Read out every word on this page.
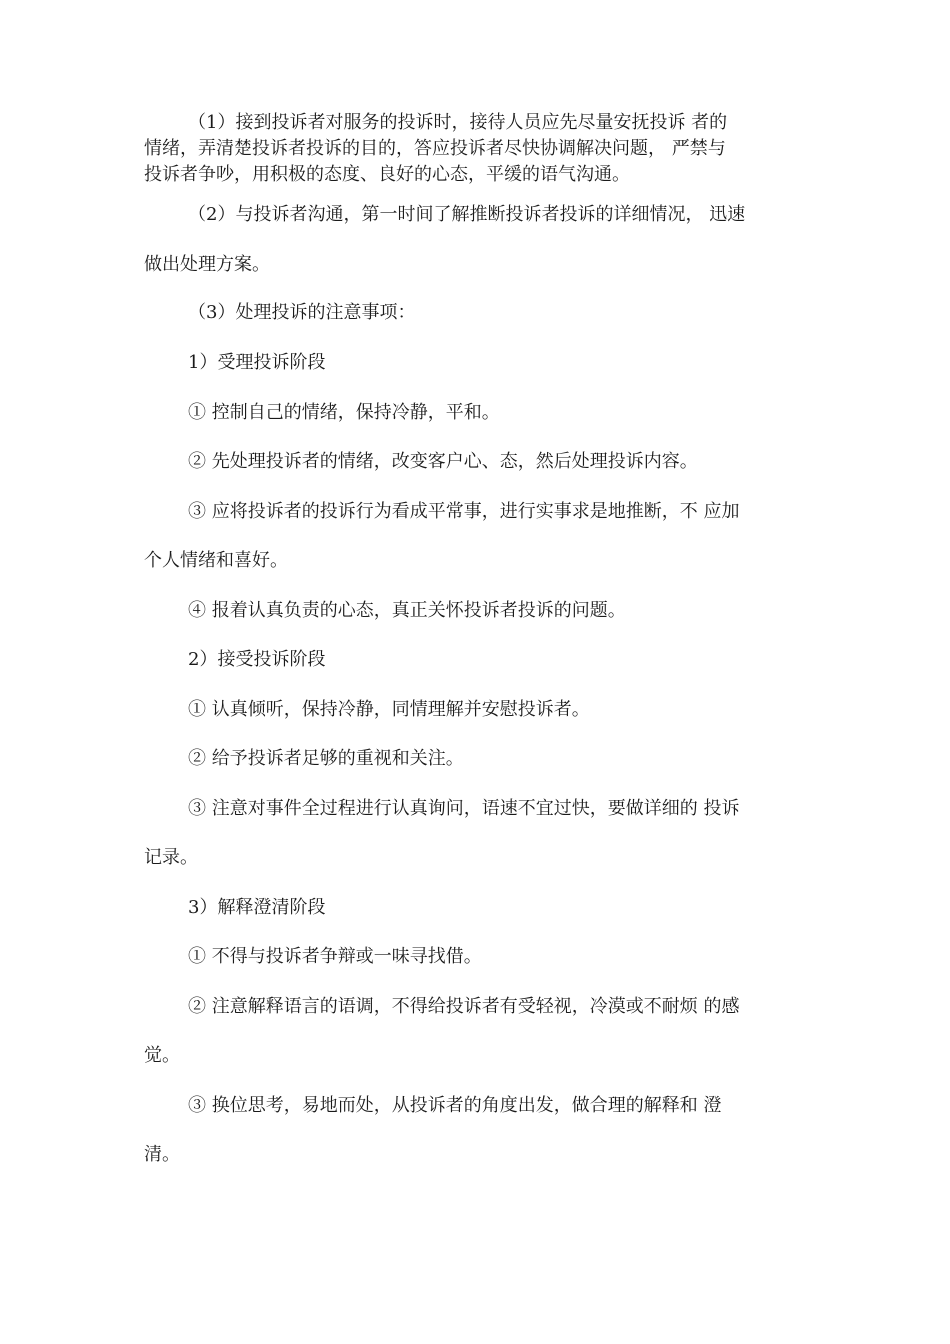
（1）接到投诉者对服务的投诉时，接待人员应先尽量安抚投诉 者的
情绪，弄清楚投诉者投诉的目的，答应投诉者尽快协调解决问题， 严禁与
投诉者争吵，用积极的态度、良好的心态，平缓的语气沟通。
（2）与投诉者沟通，第一时间了解推断投诉者投诉的详细情况， 迅速
做出处理方案。
（3）处理投诉的注意事项：
1）受理投诉阶段
① 控制自己的情绪，保持冷静，平和。
② 先处理投诉者的情绪，改变客户心、态，然后处理投诉内容。
③ 应将投诉者的投诉行为看成平常事，进行实事求是地推断，不 应加
个人情绪和喜好。
④ 报着认真负责的心态，真正关怀投诉者投诉的问题。
2）接受投诉阶段
① 认真倾听，保持冷静，同情理解并安慰投诉者。
② 给予投诉者足够的重视和关注。
③ 注意对事件全过程进行认真询问，语速不宜过快，要做详细的 投诉
记录。
3）解释澄清阶段
① 不得与投诉者争辩或一味寻找借。
② 注意解释语言的语调，不得给投诉者有受轻视，冷漠或不耐烦 的感
觉。
③ 换位思考，易地而处，从投诉者的角度出发，做合理的解释和 澄
清。
